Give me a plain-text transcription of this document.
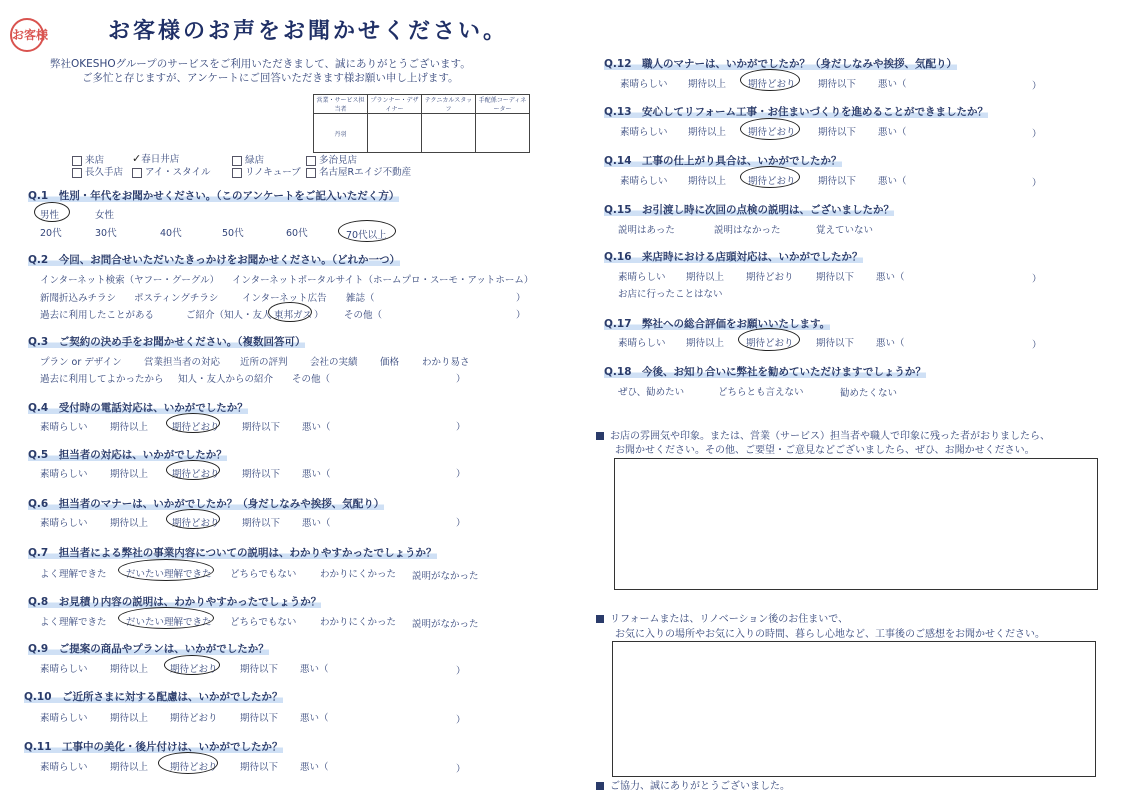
お客様	お客様のお声をお聞かせください。
弊社OKESHOグループのサービスをご利用いただきまして、誠にありがとうございます。
ご多忙と存じますが、アンケートにご回答いただきます様お願い申し上げます。
営業・サービス担当者	プランナー・デザイナー	テクニカルスタッフ	手配係コーディネーター
丹羽			
来店	✓春日井店	緑店	多治見店
長久手店	アイ・スタイル	リノキューブ	名古屋Rエイジ不動産
Q.1　性別・年代をお聞かせください。（このアンケートをご記入いただく方）
男性	女性
20代	30代	40代	50代	60代	70代以上
Q.2　今回、お問合せいただいたきっかけをお聞かせください。（どれか一つ）
インターネット検索（ヤフー・グーグル） インターネットポータルサイト（ホームプロ・スーモ・アットホーム）
新聞折込みチラシ ポスティングチラシ インターネット広告 雑誌（	）
過去に利用したことがある	ご紹介（知人・友人 東邦ガス ） その他（	）
Q.3　ご契約の決め手をお聞かせください。（複数回答可）
プラン or デザイン 営業担当者の対応 近所の評判 会社の実績 価格 わかり易さ
過去に利用してよかったから 知人・友人からの紹介 その他（	）
Q.4　受付時の電話対応は、いかがでしたか？
素晴らしい 期待以上	期待どおり 期待以下 悪い（	）
Q.5　担当者の対応は、いかがでしたか？
素晴らしい 期待以上	期待どおり 期待以下 悪い（	）
Q.6　担当者のマナーは、いかがでしたか？（身だしなみや挨拶、気配り）
素晴らしい 期待以上	期待どおり 期待以下 悪い（	）
Q.7　担当者による弊社の事業内容についての説明は、わかりやすかったでしょうか？
よく理解できた だいたい理解できた どちらでもない わかりにくかった 説明がなかった
Q.8　お見積り内容の説明は、わかりやすかったでしょうか？
よく理解できた だいたい理解できた どちらでもない わかりにくかった 説明がなかった
Q.9　ご提案の商品やプランは、いかがでしたか？
素晴らしい 期待以上 期待どおり 期待以下 悪い（	）
Q.10　ご近所さまに対する配慮は、いかがでしたか？
素晴らしい 期待以上 期待どおり 期待以下 悪い（	）
Q.11　工事中の美化・後片付けは、いかがでしたか？
素晴らしい 期待以上 期待どおり 期待以下 悪い（	）
Q.12　職人のマナーは、いかがでしたか？（身だしなみや挨拶、気配り）
素晴らしい 期待以上 期待どおり 期待以下 悪い（	）
Q.13　安心してリフォーム工事・お住まいづくりを進めることができましたか？
素晴らしい 期待以上 期待どおり 期待以下 悪い（	）
Q.14　工事の仕上がり具合は、いかがでしたか？
素晴らしい 期待以上 期待どおり 期待以下 悪い（	）
Q.15　お引渡し時に次回の点検の説明は、ございましたか？
説明はあった	説明はなかった	覚えていない
Q.16　来店時における店頭対応は、いかがでしたか？
素晴らしい 期待以上 期待どおり 期待以下 悪い（	）
お店に行ったことはない
Q.17　弊社への総合評価をお願いいたします。
素晴らしい 期待以上 期待どおり 期待以下 悪い（	）
Q.18　今後、お知り合いに弊社を勧めていただけますでしょうか？
ぜひ、勧めたい	どちらとも言えない	勧めたくない
お店の雰囲気や印象。または、営業（サービス）担当者や職人で印象に残った者がおりましたら、
お聞かせください。その他、ご要望・ご意見などございましたら、ぜひ、お聞かせください。
リフォームまたは、リノベーション後のお住まいで、
お気に入りの場所やお気に入りの時間、暮らし心地など、工事後のご感想をお聞かせください。
ご協力、誠にありがとうございました。
